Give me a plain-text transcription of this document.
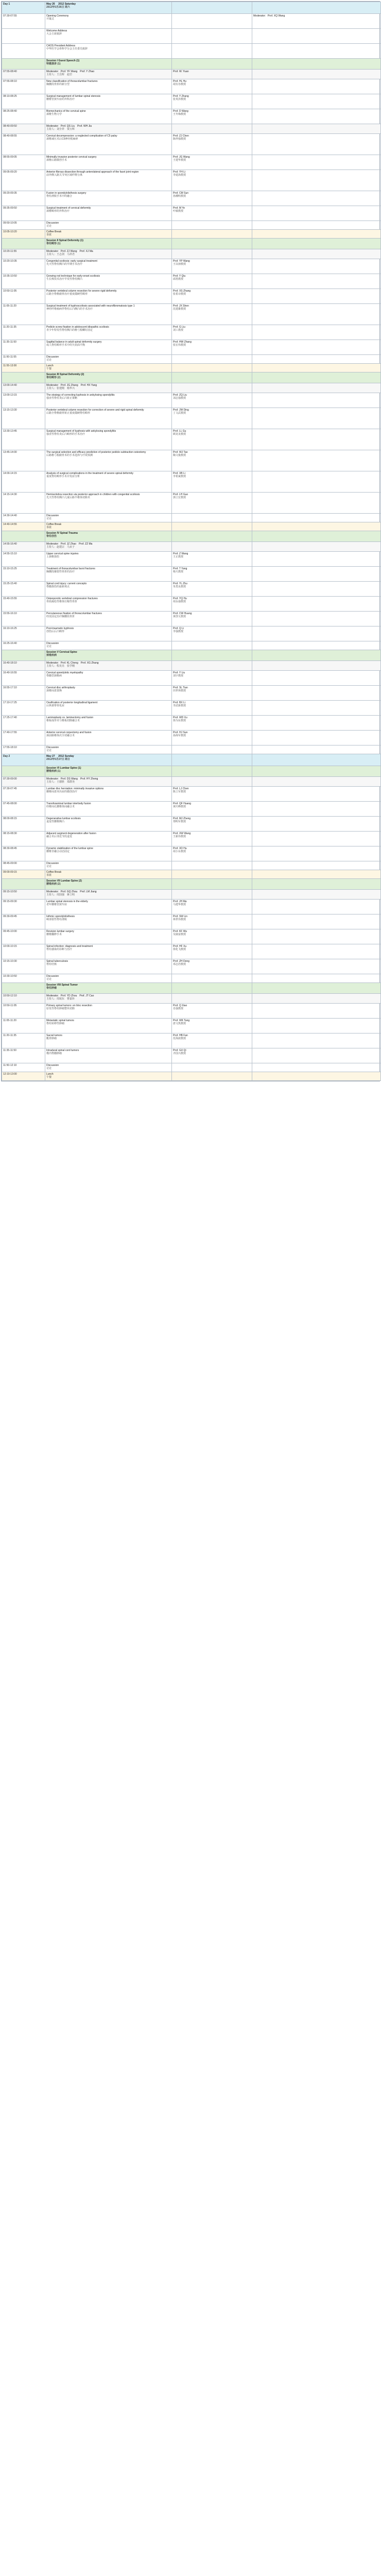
Day 1	May 26　 2012 Saturday
2012年5月26日 周六		

07:30-07:55	Opening Ceremony
开幕式		Moderator：Prof. XQ Wang

	Welcome Address
大会主席致辞		

	CAOS President Address
中华医学会骨科学分会主任委员致辞		

	Session I Guest Speech (1)
特邀演讲 (1)		

07:55-08:40	Moderator：Prof. YF Wang　Prof. Y Zhao
主持人：王岳晖　赵岩	Prof. W. Yuan	

07:55-08:10	New classification of thoracolumbar fractures
胸腰段骨折的新分型	Prof. HL Hu
胡有谷教授	

08:10-08:25	Surgical management of lumbar spinal stenosis
腰椎管狭窄症的外科治疗	Prof. Y Zhang
张英泽教授	

08:25-08:40	Biomechanics of the cervical spine
颈椎生物力学	Prof. D Wang
王冬梅教授	

08:40-09:50	Moderator：Prof. QS Liu　Prof. WH Jia
主持人：刘全祥　贾万辉		

08:40-08:55	Cervical decompression: a neglected complication of C5 palsy
颈椎减压术后C5神经根麻痹	Prof. ZJ Chen
陈仲强教授	

08:55-09:05	Minimally invasive posterior cervical surgery
颈椎后路微创手术	Prof. JG Wang
王建华教授	

09:05-09:20	Anterior fibrous dissection through anterolateral approach of the facet joint region
前外侧入路关节突区域纤维分离	Prof. YH Li
李延海教授	

09:20-09:35	Fusion in spondylolisthesis surgery
脊柱滑脱手术中的融合	Prof. CM Sun
孙潮明教授	

09:35-09:50	Surgical treatment of cervical deformity
颈椎畸形的外科治疗	Prof. M Ye
叶敏教授	

09:50-10:05	Discussion
讨论		

10:05-10:20	Coffee Break
茶歇		

	Session II Spinal Deformity (1)
脊柱畸形 (1)		

10:20-11:55	Moderator：Prof. ZJ Wang　Prof. XJ Ma
主持人：王志剑　马祥君		

10:20-10:35	Congenital scoliosis: early surgical treatment
先天性脊柱侧凸的早期手术治疗	Prof. YP Wang
王以朋教授	

10:35-10:50	Growing rod technique for early-onset scoliosis
生长棒技术治疗早发性脊柱侧凸	Prof. Y Qiu
邱勇教授	

10:50-11:05	Posterior vertebral column resection for severe rigid deformity
后路全脊椎截骨治疗重度僵硬性畸形	Prof. XS Zhang
张希诗教授	

11:05-11:20	Surgical treatment of kyphoscoliosis associated with neurofibromatosis type 1
神经纤维瘤病伴脊柱后凸侧凸的手术治疗	Prof. JX Shen
沈建雄教授	

11:20-11:35	Pedicle screw fixation in adolescent idiopathic scoliosis
青少年特发性脊柱侧凸的椎弓根螺钉固定	Prof. G Liu
刘工教授	

11:35-11:50	Sagittal balance in adult spinal deformity surgery
成人脊柱畸形手术中的矢状面平衡	Prof. HW Zhang
张宏伟教授	

11:50-11:55	Discussion
讨论		

11:55-13:00	Lunch
午餐		

	Session III Spinal Deformity (2)
脊柱畸形 (2)		

13:00-14:40	Moderator：Prof. JG Zhang　Prof. HX Yang
主持人：张建刚　杨华兴		

13:00-13:15	The strategy of correcting kyphosis in ankylosing spondylitis
强直性脊柱炎后凸矫正策略	Prof. ZQ Liu
刘志强教授	

13:15-13:30	Posterior vertebral column resection for correction of severe and rigid spinal deformity
后路全脊椎截骨矫正重度僵硬脊柱畸形	Prof. JW Ding
丁文武教授	

13:30-13:45	Surgical management of kyphosis with ankylosing spondylitis
强直性脊柱炎后凸畸形的手术治疗	Prof. LL Gu
顾龙龙教授	

13:45-14:00	The surgical selection and efficacy prediction of posterior pedicle subtraction osteotomy
后路椎弓根截骨术的手术选择与疗效预测	Prof. WJ Tao
陶文俊教授	

14:00-14:15	Analysis of surgical complications in the treatment of severe spinal deformity
重度脊柱畸形手术并发症分析	Prof. XB Li
李希斌教授	

14:15-14:30	Hemivertebra resection via posterior approach in children with congenital scoliosis
先天性脊柱侧凸儿童后路半椎体切除术	Prof. LH Guo
郭立宏教授	

14:30-14:40	Discussion
讨论		

14:40-14:55	Coffee Break
茶歇		

	Session IV Spinal Trauma
脊柱创伤		

14:55-16:40	Moderator：Prof. JZ Zhao　Prof. ZZ Ma
主持人：赵建宗　马贞子		

14:55-15:10	Upper cervical spine injuries
上颈椎损伤	Prof. Z Wang
王正教授	

15:10-15:25	Treatment of thoracolumbar burst fractures
胸腰段爆裂性骨折的治疗	Prof. T Yang
杨天教授	

15:25-15:40	Spinal cord injury: current concepts
脊髓损伤的最新观点	Prof. YL Zhu
朱勇良教授	

15:40-15:55	Osteoporotic vertebral compression fractures
骨质疏松性椎体压缩性骨折	Prof. YQ Hu
胡永强教授	

15:55-16:10	Percutaneous fixation of thoracolumbar fractures
经皮固定治疗胸腰段骨折	Prof. CW Huang
黄创文教授	

16:10-16:25	Post-traumatic kyphosis
创伤后后凸畸形	Prof. Q Li
李强教授	

16:25-16:40	Discussion
讨论		

	Session V Cervical Spine
颈椎疾病		

16:40-18:10	Moderator：Prof. KL Cheng　Prof. XG Zhang
主持人：程克亮　张学刚		

16:40-16:55	Cervical spondylotic myelopathy
脊髓型颈椎病	Prof. Y Liu
刘宇教授	

16:55-17:10	Cervical disc arthroplasty
颈椎间盘置换	Prof. SL Tian
田世林教授	

17:10-17:25	Ossification of posterior longitudinal ligament
后纵韧带骨化症	Prof. BX Li
李武新教授	

17:25-17:40	Laminoplasty vs. laminectomy and fusion
椎板成形术与椎板切除融合术	Prof. WD Xu
徐为东教授	

17:40-17:55	Anterior cervical corpectomy and fusion
颈前路椎体次全切融合术	Prof. HJ Sun
孙海军教授	

17:55-18:10	Discussion
讨论		

Day 2	May 27　 2012 Sunday
2012年5月27日 周日		

	Session VI Lumbar Spine (1)
腰椎疾病 (1)		

07:30-09:00	Moderator：Prof. DS Wang　Prof. HY Zheng
主持人：王德胜　郑群尧		

07:30-07:45	Lumbar disc herniation: minimally invasive options
腰椎间盘突出症的微创治疗	Prof. LJ Chen
陈立军教授	

07:45-08:00	Transforaminal lumbar interbody fusion
经椎间孔腰椎体间融合术	Prof. QF Huang
黄庆峰教授	

08:00-08:15	Degenerative lumbar scoliosis
退变性腰椎侧凸	Prof. MJ Zheng
郑明军教授	

08:15-08:30	Adjacent segment degeneration after fusion
融合术后邻近节段退变	Prof. XW Wang
王新伟教授	

08:30-08:45	Dynamic stabilization of the lumbar spine
腰椎非融合动态固定	Prof. XD Hu
胡小东教授	

08:45-09:00	Discussion
讨论		

09:00-09:15	Coffee Break
茶歇		

	Session VII Lumbar Spine (2)
腰椎疾病 (2)		

09:15-10:50	Moderator：Prof. GQ Zhou　Prof. LM Jiang
主持人：周国强　蒋立明		

09:15-09:30	Lumbar spinal stenosis in the elderly
老年腰椎管狭窄症	Prof. JH Ma
马建华教授	

09:30-09:45	Isthmic spondylolisthesis
峡部裂性脊柱滑脱	Prof. SW Lin
林世伟教授	

09:45-10:00	Revision lumbar surgery
腰椎翻修手术	Prof. KF Wu
吴康富教授	

10:00-10:15	Spinal infection: diagnosis and treatment
脊柱感染的诊断与治疗	Prof. HF Xu
徐化飞教授	

10:15-10:30	Spinal tuberculosis
脊柱结核	Prof. ZH Deng
邓志浩教授	

10:30-10:50	Discussion
讨论		

	Session VIII Spinal Tumor
脊柱肿瘤		

10:50-12:10	Moderator：Prof. YD Zhou　Prof. JT Cao
主持人：周珉东　曹嘉钭		

10:50-11:05	Primary spinal tumors: en bloc resection
原发性脊柱肿瘤整块切除	Prof. Q Xiao
肖强教授	

11:05-11:20	Metastatic spinal tumors
脊柱转移性肿瘤	Prof. WK Tang
唐文凯教授	

11:20-11:35	Sacral tumors
骶骨肿瘤	Prof. HB Fan
范海波教授	

11:35-11:50	Intradural spinal cord tumors
模内脊髓肿瘤	Prof. GX Qi
齐国兴教授	

11:50-12:10	Discussion
讨论		

12:10-13:00	Lunch
午餐		
